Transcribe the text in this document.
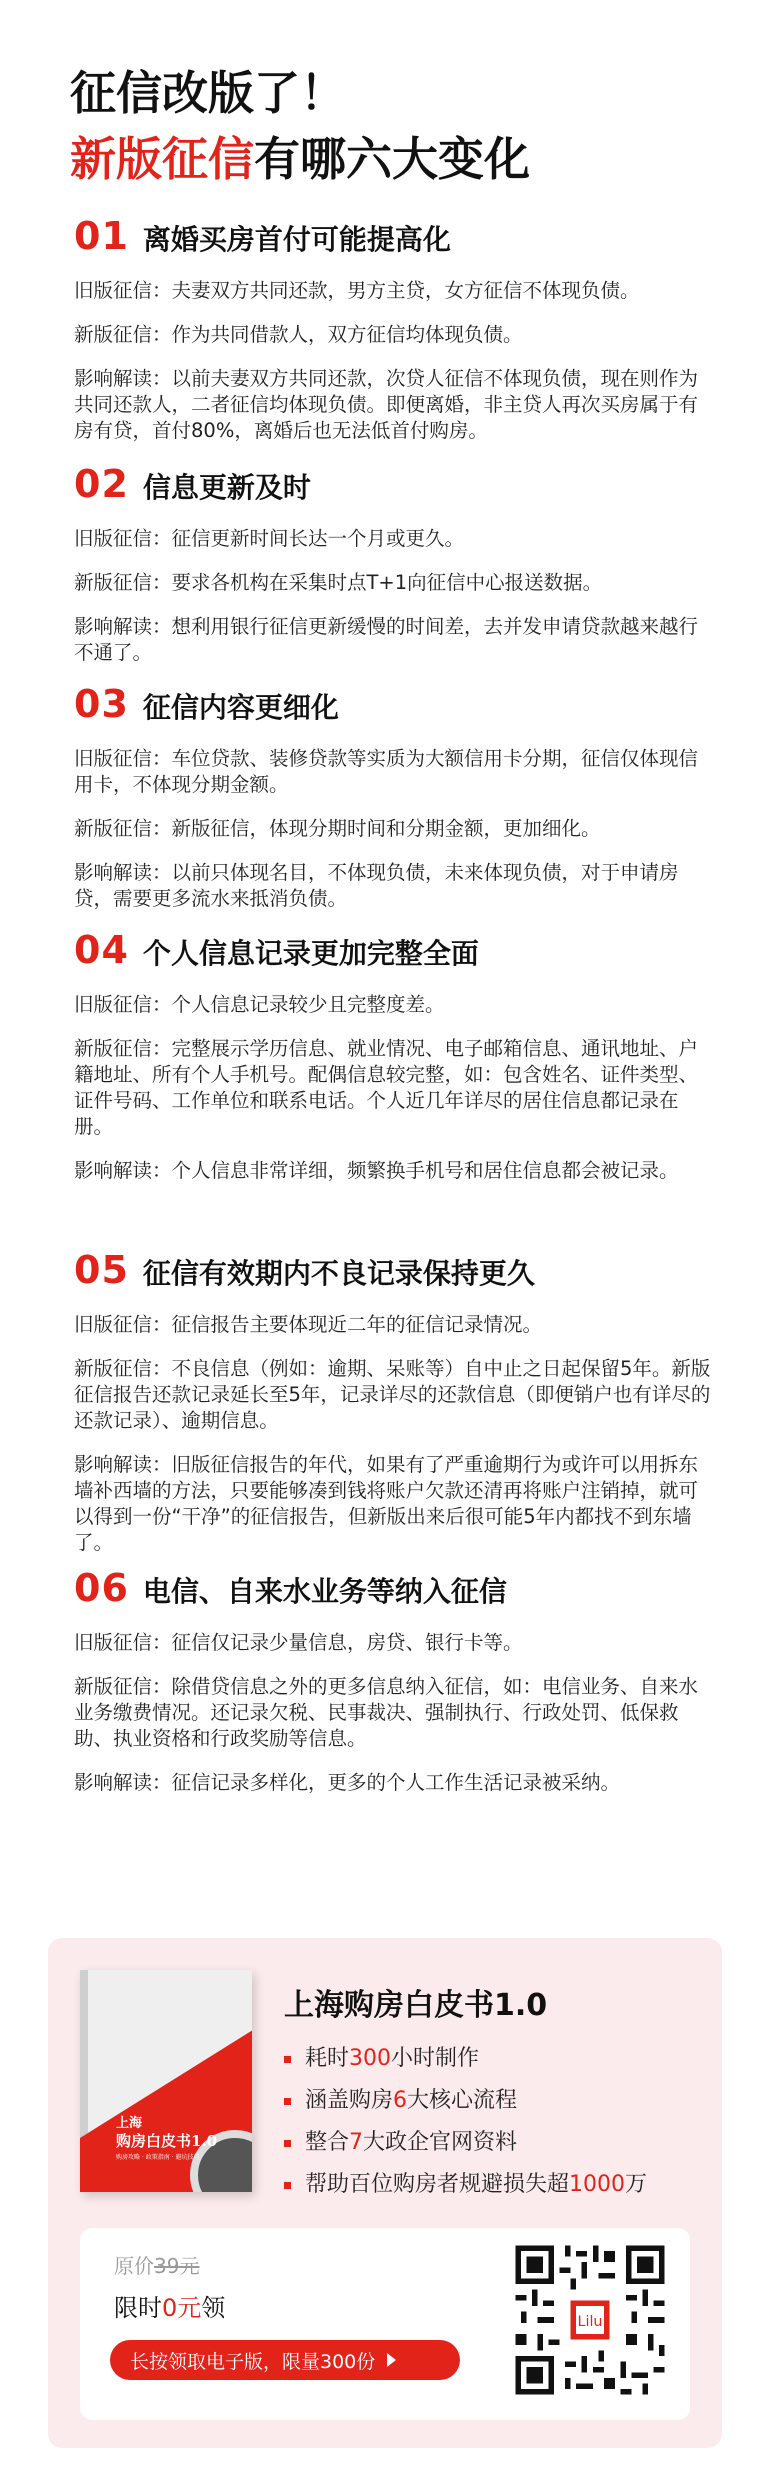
征信改版了！
新版征信有哪六大变化
01 离婚买房首付可能提高化

旧版征信：夫妻双方共同还款，男方主贷，女方征信不体现负债。

新版征信：作为共同借款人，双方征信均体现负债。

影响解读：以前夫妻双方共同还款，次贷人征信不体现负债，现在则作为共同还款人，二者征信均体现负债。即便离婚，非主贷人再次买房属于有房有贷，首付80%，离婚后也无法低首付购房。

02 信息更新及时

旧版征信：征信更新时间长达一个月或更久。

新版征信：要求各机构在采集时点T+1向征信中心报送数据。

影响解读：想利用银行征信更新缓慢的时间差，去并发申请贷款越来越行不通了。

03 征信内容更细化

旧版征信：车位贷款、装修贷款等实质为大额信用卡分期，征信仅体现信用卡，不体现分期金额。

新版征信：新版征信，体现分期时间和分期金额，更加细化。

影响解读：以前只体现名目，不体现负债，未来体现负债，对于申请房贷，需要更多流水来抵消负债。

04 个人信息记录更加完整全面

旧版征信：个人信息记录较少且完整度差。

新版征信：完整展示学历信息、就业情况、电子邮箱信息、通讯地址、户籍地址、所有个人手机号。配偶信息较完整，如：包含姓名、证件类型、证件号码、工作单位和联系电话。个人近几年详尽的居住信息都记录在册。

影响解读：个人信息非常详细，频繁换手机号和居住信息都会被记录。

05 征信有效期内不良记录保持更久

旧版征信：征信报告主要体现近二年的征信记录情况。

新版征信：不良信息（例如：逾期、呆账等）自中止之日起保留5年。新版征信报告还款记录延长至5年，记录详尽的还款信息（即便销户也有详尽的还款记录）、逾期信息。

影响解读：旧版征信报告的年代，如果有了严重逾期行为或许可以用拆东墙补西墙的方法，只要能够凑到钱将账户欠款还清再将账户注销掉，就可以得到一份“干净”的征信报告，但新版出来后很可能5年内都找不到东墙了。

06 电信、自来水业务等纳入征信

旧版征信：征信仅记录少量信息，房贷、银行卡等。

新版征信：除借贷信息之外的更多信息纳入征信，如：电信业务、自来水业务缴费情况。还记录欠税、民事裁决、强制执行、行政处罚、低保救助、执业资格和行政奖励等信息。

影响解读：征信记录多样化，更多的个人工作生活记录被采纳。

上海
购房白皮书1.0
购房攻略 · 政策指南 · 避坑技巧
上海购房白皮书1.0
耗时 300 小时制作
涵盖购房 6 大核心流程
整合 7 大政企官网资料
帮助百位购房者规避损失超 1000 万
原价39元
限时0元领
长按领取电子版，限量300份
Lilu
